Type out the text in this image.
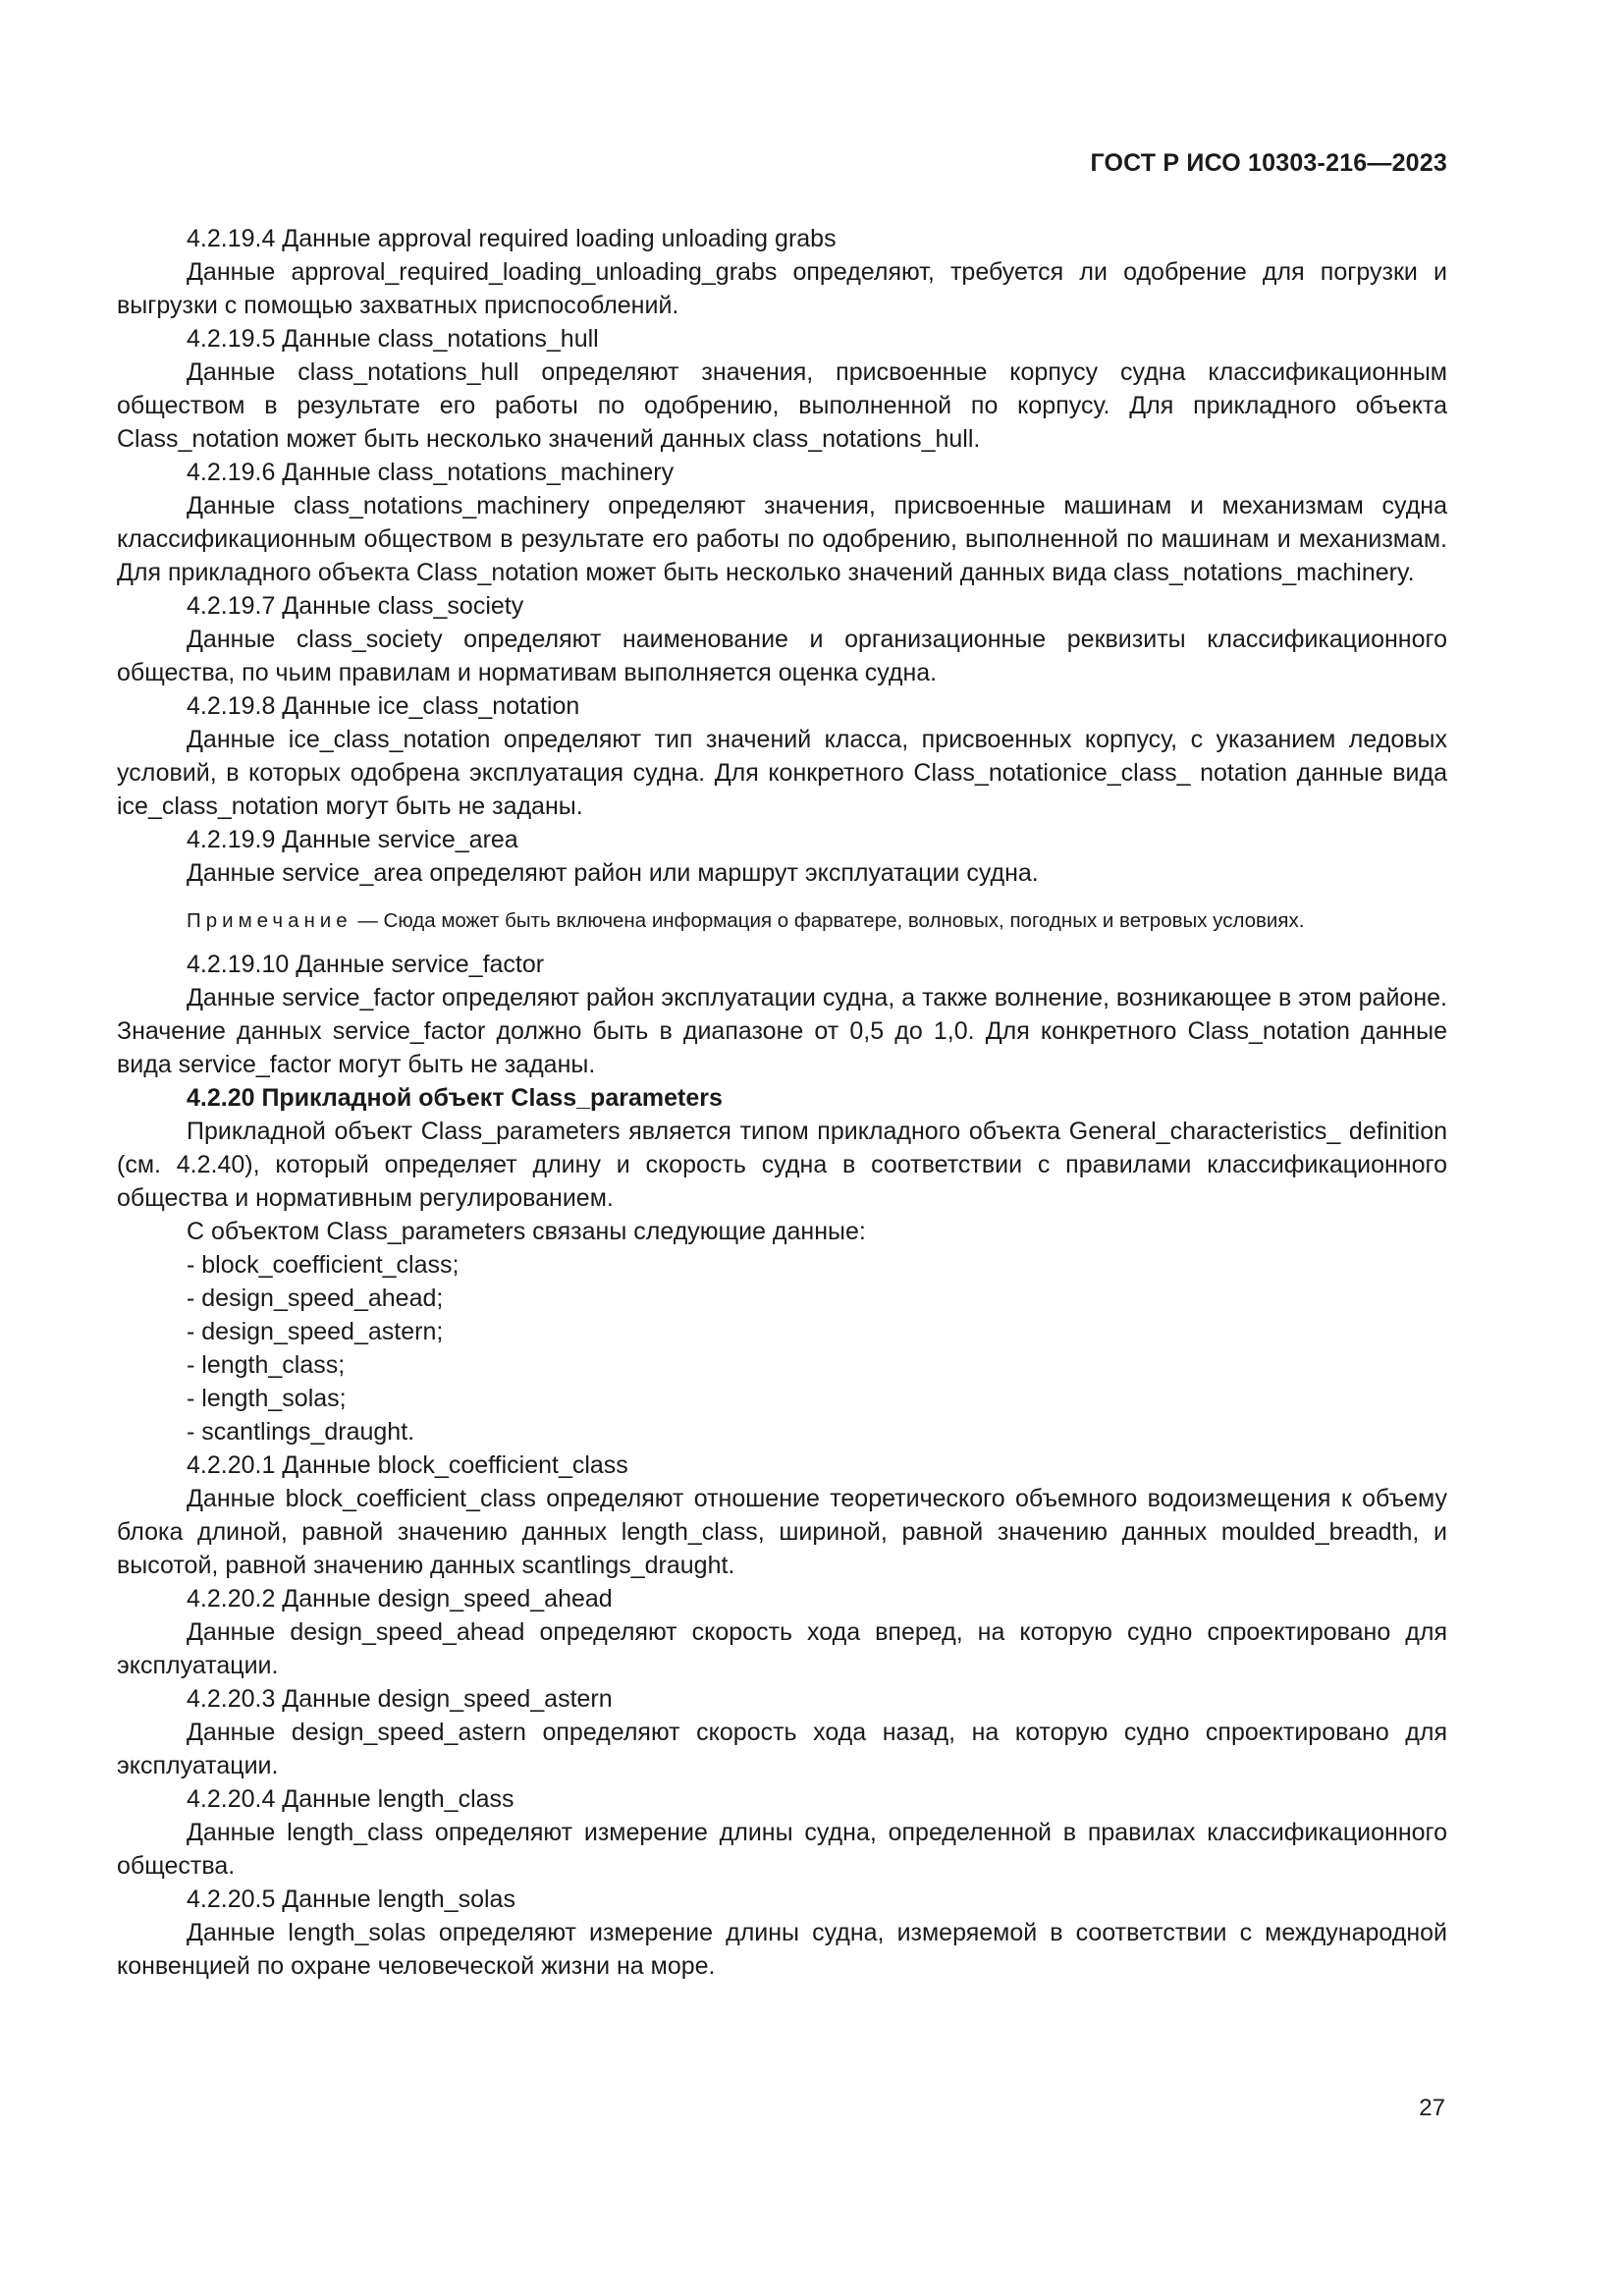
ГОСТ Р ИСО 10303-216—2023

4.2.19.4 Данные approval required loading unloading grabs

Данные approval_required_loading_unloading_grabs определяют, требуется ли одобрение для погрузки и выгрузки с помощью захватных приспособлений.

4.2.19.5 Данные class_notations_hull

Данные class_notations_hull определяют значения, присвоенные корпусу судна классификационным обществом в результате его работы по одобрению, выполненной по корпусу. Для прикладного объекта Class_notation может быть несколько значений данных class_notations_hull.

4.2.19.6 Данные class_notations_machinery

Данные class_notations_machinery определяют значения, присвоенные машинам и механизмам судна классификационным обществом в результате его работы по одобрению, выполненной по машинам и механизмам. Для прикладного объекта Class_notation может быть несколько значений данных вида class_notations_machinery.

4.2.19.7 Данные class_society

Данные class_society определяют наименование и организационные реквизиты классификационного общества, по чьим правилам и нормативам выполняется оценка судна.

4.2.19.8 Данные ice_class_notation

Данные ice_class_notation определяют тип значений класса, присвоенных корпусу, с указанием ледовых условий, в которых одобрена эксплуатация судна. Для конкретного Class_notationice_class_ notation данные вида ice_class_notation могут быть не заданы.

4.2.19.9 Данные service_area

Данные service_area определяют район или маршрут эксплуатации судна.

Примечание — Сюда может быть включена информация о фарватере, волновых, погодных и ветровых условиях.

4.2.19.10 Данные service_factor

Данные service_factor определяют район эксплуатации судна, а также волнение, возникающее в этом районе. Значение данных service_factor должно быть в диапазоне от 0,5 до 1,0. Для конкретного Class_notation данные вида service_factor могут быть не заданы.

4.2.20 Прикладной объект Class_parameters

Прикладной объект Class_parameters является типом прикладного объекта General_characteristics_ definition (см. 4.2.40), который определяет длину и скорость судна в соответствии с правилами классификационного общества и нормативным регулированием.

С объектом Class_parameters связаны следующие данные:

- block_coefficient_class;

- design_speed_ahead;

- design_speed_astern;

- length_class;

- length_solas;

- scantlings_draught.

4.2.20.1 Данные block_coefficient_class

Данные block_coefficient_class определяют отношение теоретического объемного водоизмещения к объему блока длиной, равной значению данных length_class, шириной, равной значению данных moulded_breadth, и высотой, равной значению данных scantlings_draught.

4.2.20.2 Данные design_speed_ahead

Данные design_speed_ahead определяют скорость хода вперед, на которую судно спроектировано для эксплуатации.

4.2.20.3 Данные design_speed_astern

Данные design_speed_astern определяют скорость хода назад, на которую судно спроектировано для эксплуатации.

4.2.20.4 Данные length_class

Данные length_class определяют измерение длины судна, определенной в правилах классификационного общества.

4.2.20.5 Данные length_solas

Данные length_solas определяют измерение длины судна, измеряемой в соответствии с международной конвенцией по охране человеческой жизни на море.

27
